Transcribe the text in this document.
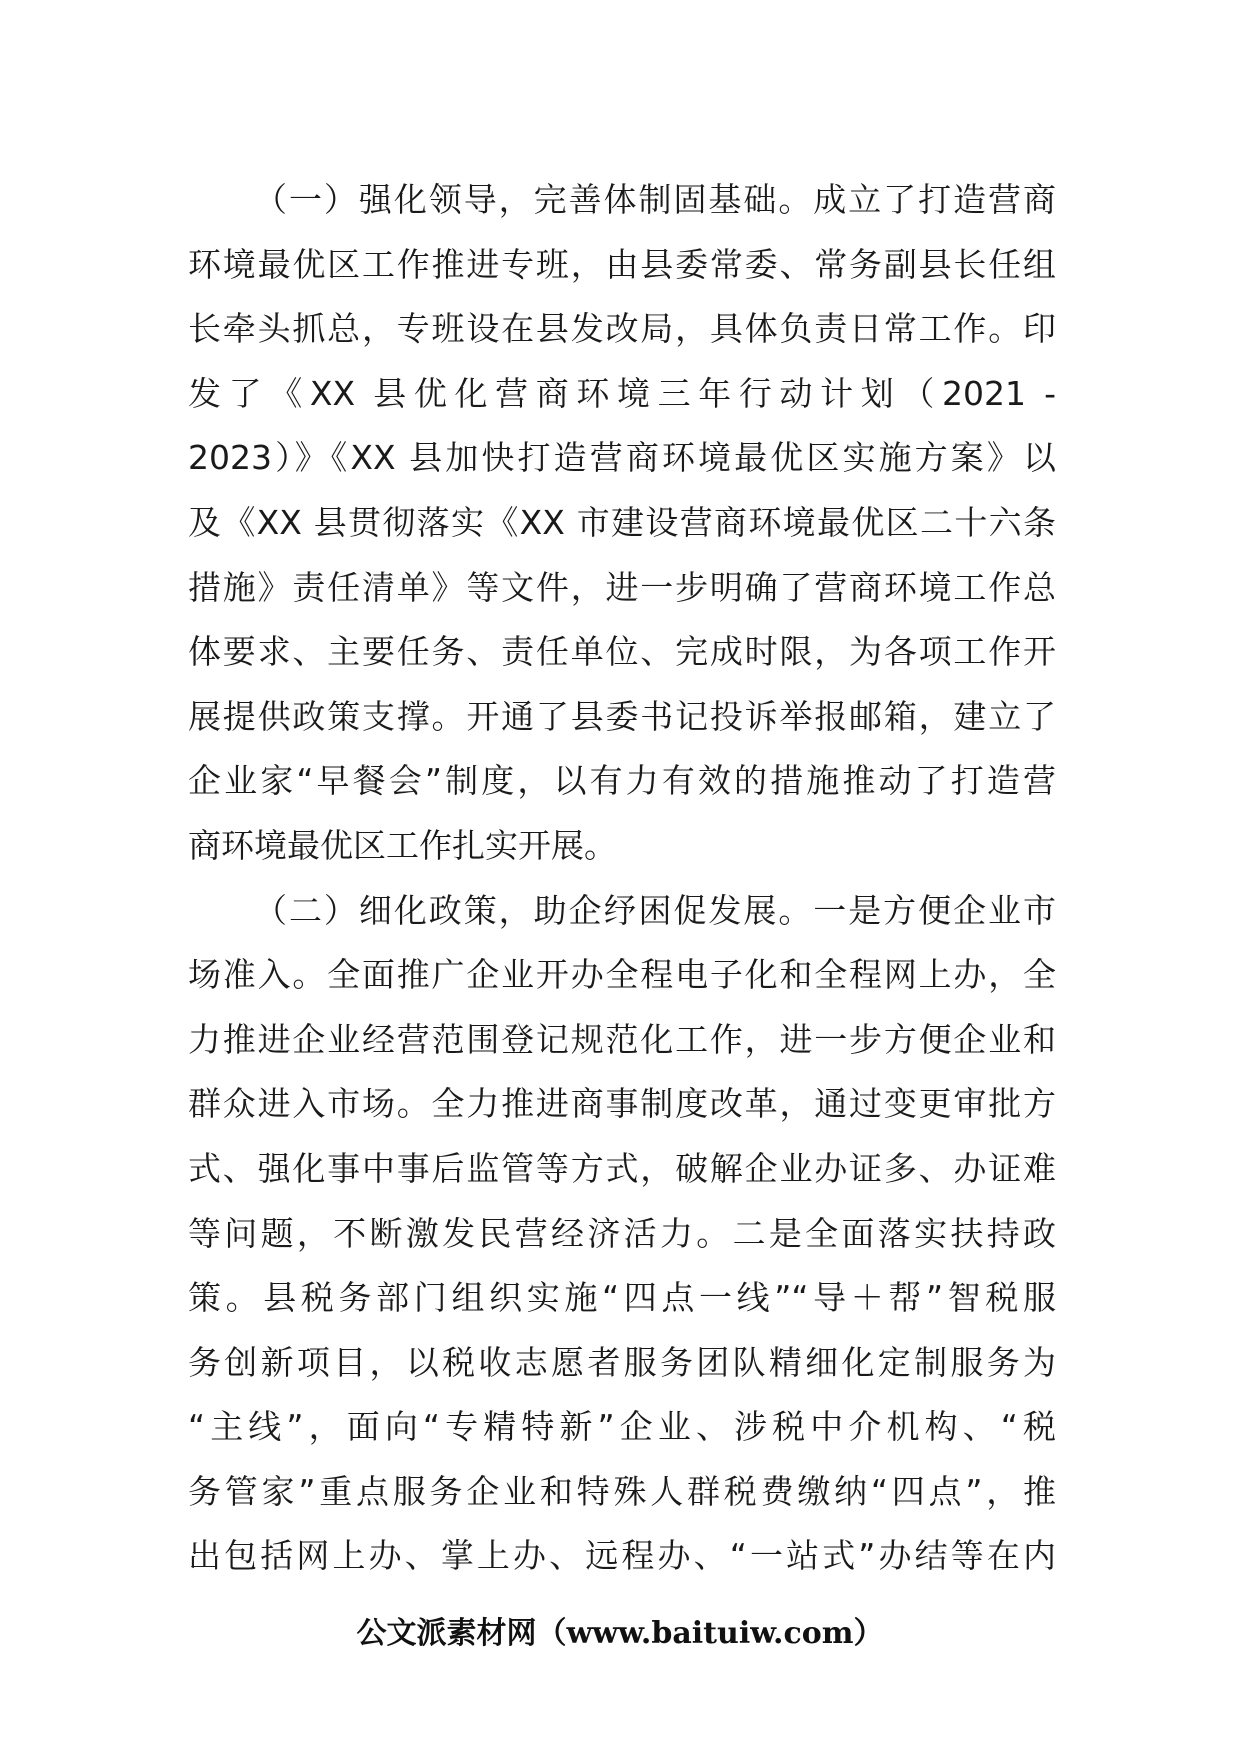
（一）强化领导，完善体制固基础。成立了打造营商
环境最优区工作推进专班，由县委常委、常务副县长任组
长牵头抓总，专班设在县发改局，具体负责日常工作。印
发了《XX 县优化营商环境三年行动计划（2021 -
2023）》《XX 县加快打造营商环境最优区实施方案》以
及《XX 县贯彻落实《XX 市建设营商环境最优区二十六条
措施》责任清单》等文件，进一步明确了营商环境工作总
体要求、主要任务、责任单位、完成时限，为各项工作开
展提供政策支撑。开通了县委书记投诉举报邮箱，建立了
企业家“早餐会”制度，以有力有效的措施推动了打造营
商环境最优区工作扎实开展。
（二）细化政策，助企纾困促发展。一是方便企业市
场准入。全面推广企业开办全程电子化和全程网上办，全
力推进企业经营范围登记规范化工作，进一步方便企业和
群众进入市场。全力推进商事制度改革，通过变更审批方
式、强化事中事后监管等方式，破解企业办证多、办证难
等问题，不断激发民营经济活力。二是全面落实扶持政
策。县税务部门组织实施“四点一线”“导＋帮”智税服
务创新项目，以税收志愿者服务团队精细化定制服务为
“主线”，面向“专精特新”企业、涉税中介机构、“税
务管家”重点服务企业和特殊人群税费缴纳“四点”，推
出包括网上办、掌上办、远程办、“一站式”办结等在内
公文派素材网（www.baituiw.com）
